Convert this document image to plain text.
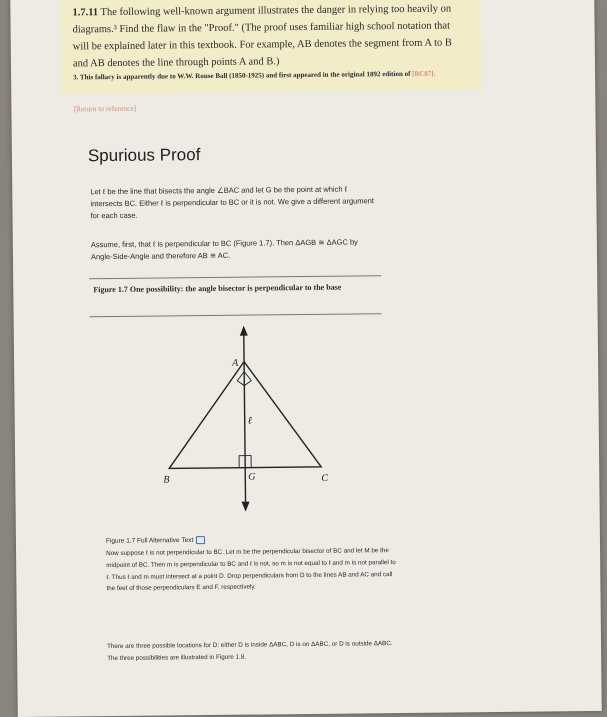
1.7.11 The following well-known argument illustrates the danger in relying too heavily on diagrams.³ Find the flaw in the "Proof." (The proof uses familiar high school notation that will be explained later in this textbook. For example, AB denotes the segment from A to B and AB denotes the line through points A and B.)
3. This fallacy is apparently due to W.W. Rouse Ball (1850-1925) and first appeared in the original 1892 edition of [BC87].
[Return to reference]
Spurious Proof
Let ℓ be the line that bisects the angle ∠BAC and let G be the point at which ℓ intersects BC. Either ℓ is perpendicular to BC or it is not. We give a different argument for each case.
Assume, first, that ℓ is perpendicular to BC (Figure 1.7). Then ΔAGB ≅ ΔAGC by Angle-Side-Angle and therefore AB ≅ AC.
Figure 1.7 One possibility: the angle bisector is perpendicular to the base
A
B	C
G
ℓ
Figure 1.7 Full Alternative Text
Now suppose ℓ is not perpendicular to BC. Let m be the perpendicular bisector of BC and let M be the midpoint of BC. Then m is perpendicular to BC and ℓ is not, so m is not equal to ℓ and m is not parallel to ℓ. Thus ℓ and m must intersect at a point D. Drop perpendiculars from D to the lines AB and AC and call the feet of those perpendiculars E and F, respectively.
There are three possible locations for D: either D is inside ΔABC, D is on ΔABC, or D is outside ΔABC. The three possibilities are illustrated in Figure 1.8.
